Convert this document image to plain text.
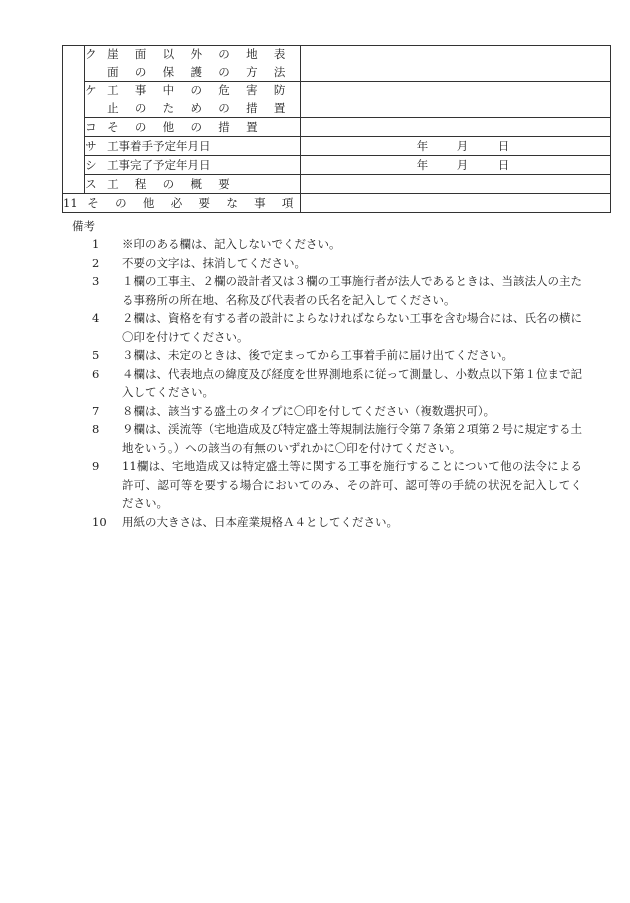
	ク 崖 面 以 外 の 地 表
面 の 保 護 の 方 法	

	ケ 工 事 中 の 危 害 防
止 の た め の 措 置	

	コ そ の 他 の 措 置	

	サ 工事着手予定年月日	年 月 日

	シ 工事完了予定年月日	年 月 日

	ス 工 程 の 概 要	

11 そ の 他 必 要 な 事 項		
備考

1 ※印のある欄は、記入しないでください。

2 不要の文字は、抹消してください。

3 １欄の工事主、２欄の設計者又は３欄の工事施行者が法人であるときは、当該法人の主たる事務所の所在地、名称及び代表者の氏名を記入してください。

4 ２欄は、資格を有する者の設計によらなければならない工事を含む場合には、氏名の横に〇印を付けてください。

5 ３欄は、未定のときは、後で定まってから工事着手前に届け出てください。

6 ４欄は、代表地点の緯度及び経度を世界測地系に従って測量し、小数点以下第１位まで記入してください。

7 ８欄は、該当する盛土のタイプに〇印を付してください（複数選択可）。

8 ９欄は、渓流等（宅地造成及び特定盛土等規制法施行令第７条第２項第２号に規定する土地をいう。）への該当の有無のいずれかに〇印を付けてください。

9 11欄は、宅地造成又は特定盛土等に関する工事を施行することについて他の法令による許可、認可等を要する場合においてのみ、その許可、認可等の手続の状況を記入してください。

10 用紙の大きさは、日本産業規格Ａ４としてください。
